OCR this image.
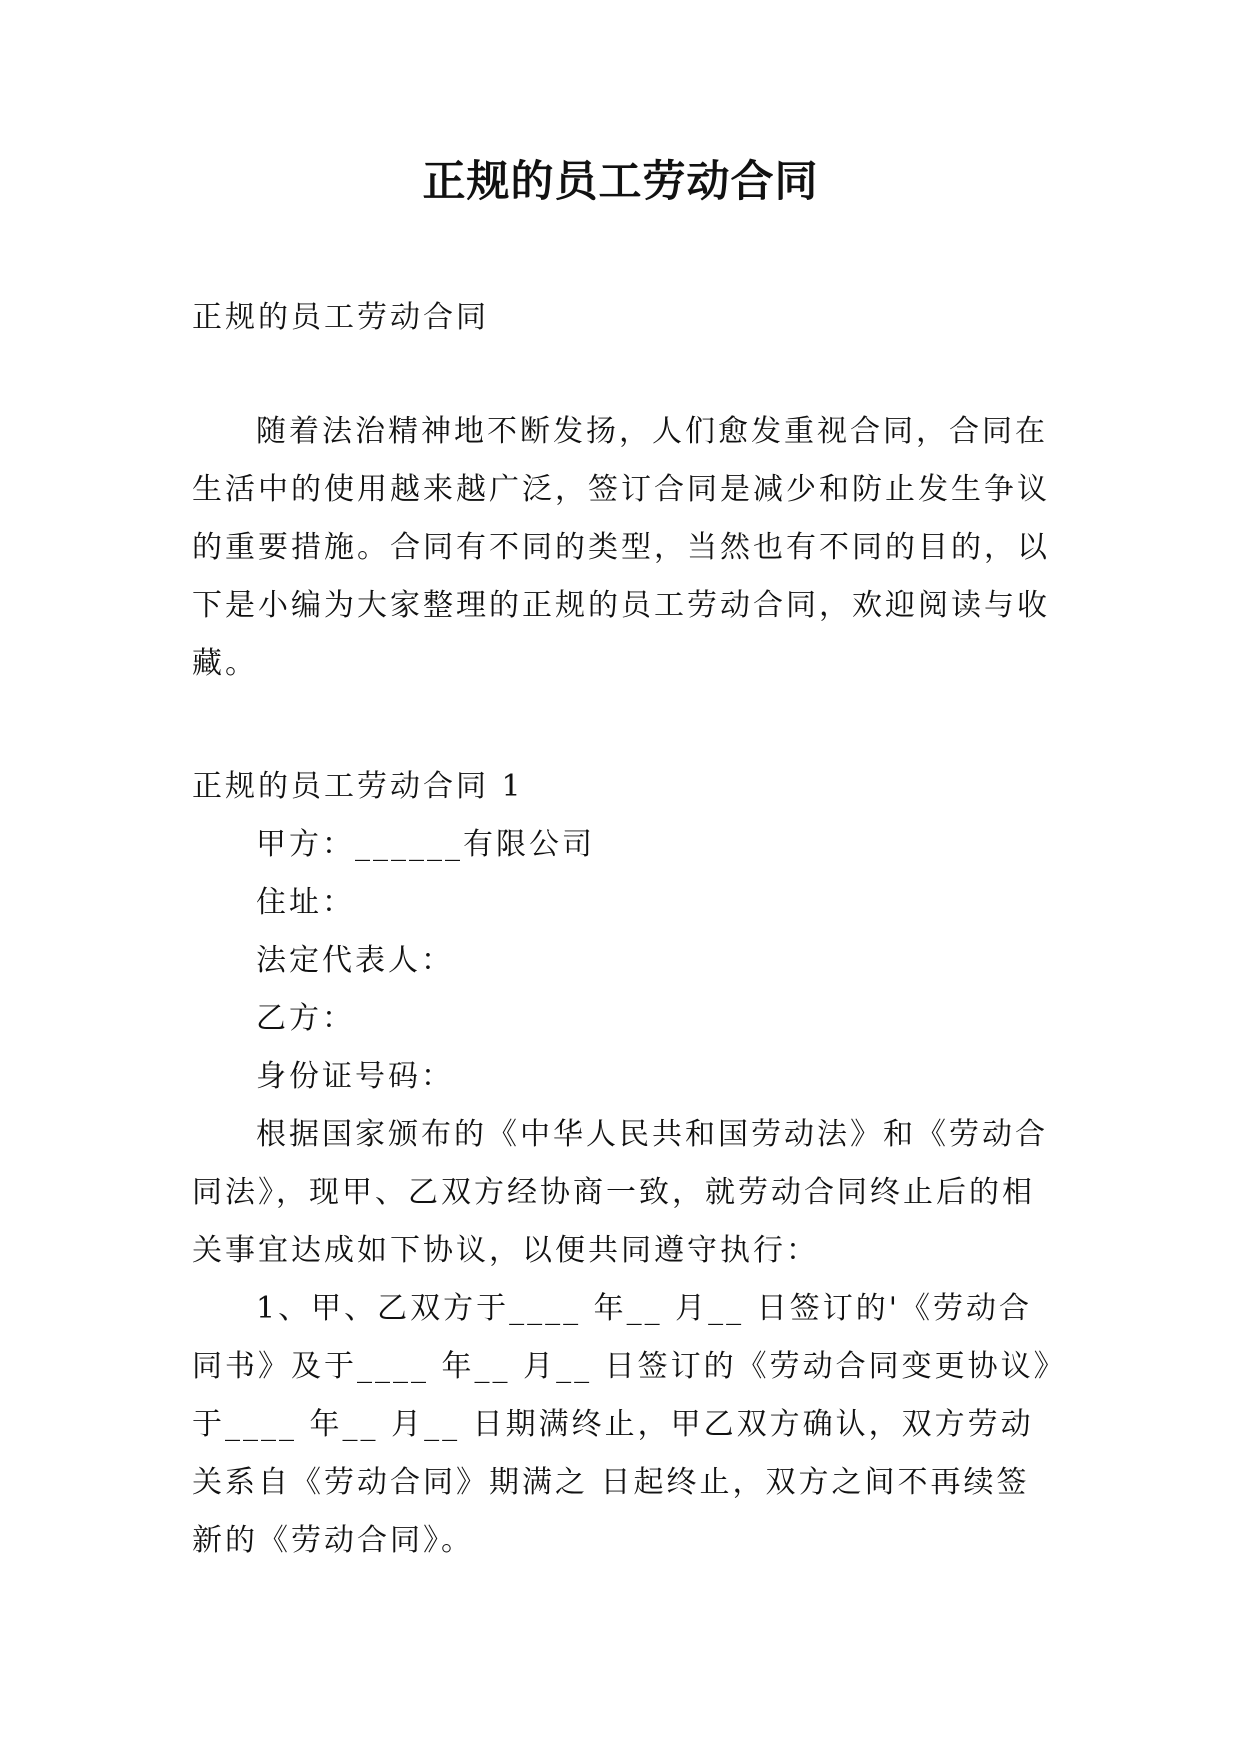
正规的员工劳动合同
正规的员工劳动合同
随着法治精神地不断发扬，人们愈发重视合同，合同在生活中的使用越来越广泛，签订合同是减少和防止发生争议的重要措施。合同有不同的类型，当然也有不同的目的，以下是小编为大家整理的正规的员工劳动合同，欢迎阅读与收藏。
正规的员工劳动合同 1
甲方：______有限公司
住址：
法定代表人：
乙方：
身份证号码：
根据国家颁布的《中华人民共和国劳动法》和《劳动合同法》，现甲、乙双方经协商一致，就劳动合同终止后的相关事宜达成如下协议，以便共同遵守执行：
1、甲、乙双方于____ 年__ 月__ 日签订的'《劳动合同书》及于____ 年__ 月__ 日签订的《劳动合同变更协议》于____ 年__ 月__ 日期满终止，甲乙双方确认，双方劳动关系自《劳动合同》期满之 日起终止，双方之间不再续签新的《劳动合同》。
